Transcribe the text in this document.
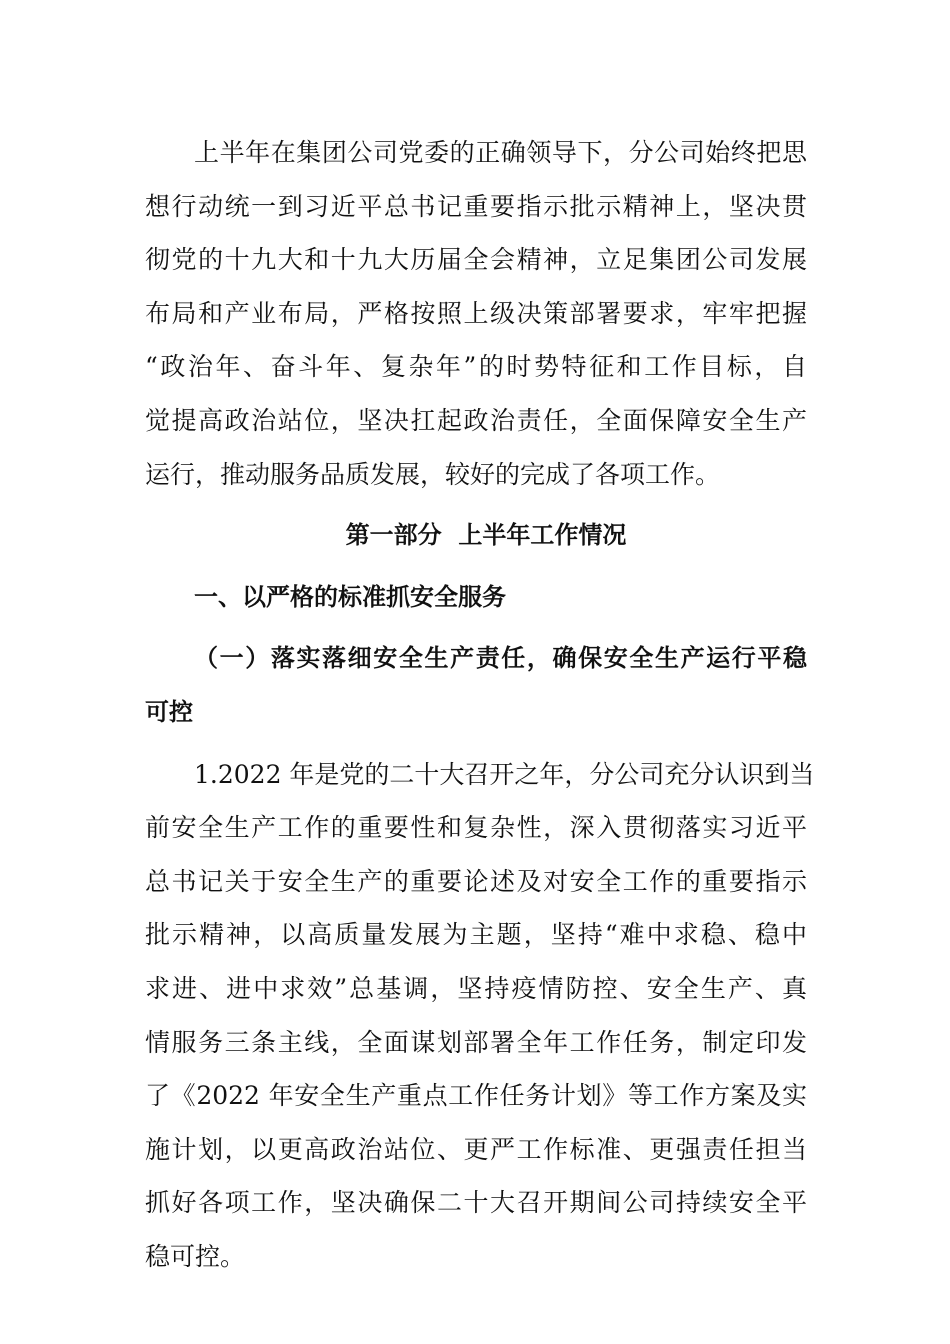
上半年在集团公司党委的正确领导下，分公司始终把思
想行动统一到习近平总书记重要指示批示精神上，坚决贯
彻党的十九大和十九大历届全会精神，立足集团公司发展
布局和产业布局，严格按照上级决策部署要求，牢牢把握
“政治年、奋斗年、复杂年”的时势特征和工作目标，自
觉提高政治站位，坚决扛起政治责任，全面保障安全生产
运行，推动服务品质发展，较好的完成了各项工作。
第一部分  上半年工作情况
一、以严格的标准抓安全服务
（一）落实落细安全生产责任，确保安全生产运行平稳
可控
1.2022 年是党的二十大召开之年，分公司充分认识到当
前安全生产工作的重要性和复杂性，深入贯彻落实习近平
总书记关于安全生产的重要论述及对安全工作的重要指示
批示精神，以高质量发展为主题，坚持“难中求稳、稳中
求进、进中求效”总基调，坚持疫情防控、安全生产、真
情服务三条主线，全面谋划部署全年工作任务，制定印发
了《2022 年安全生产重点工作任务计划》等工作方案及实
施计划，以更高政治站位、更严工作标准、更强责任担当
抓好各项工作，坚决确保二十大召开期间公司持续安全平
稳可控。
